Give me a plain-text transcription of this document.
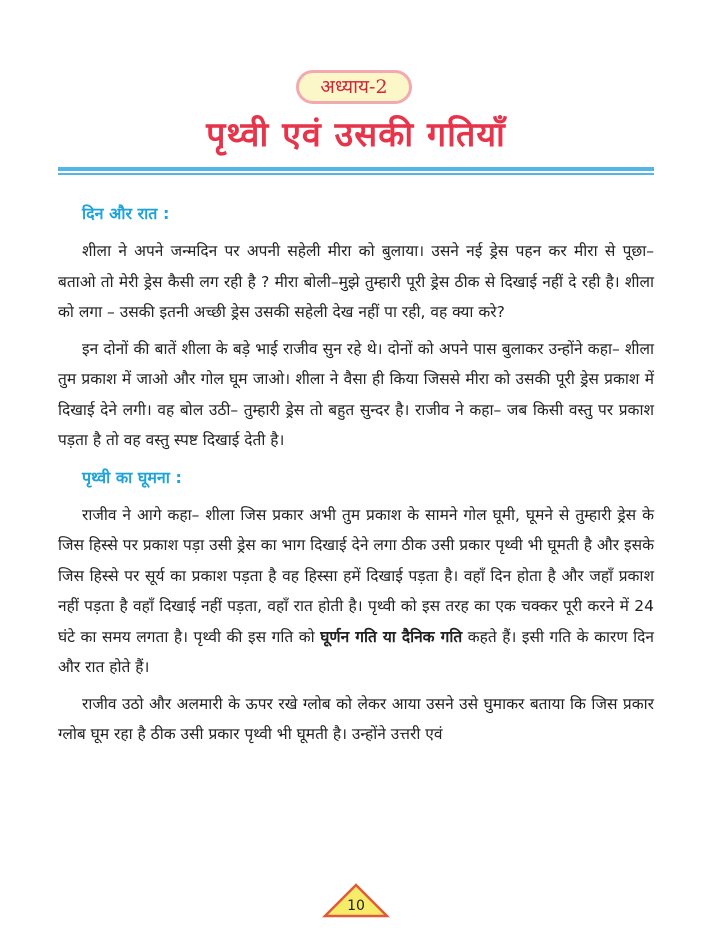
अध्याय-2
पृथ्वी एवं उसकी गतियाँ
दिन और रात :

शीला ने अपने जन्मदिन पर अपनी सहेली मीरा को बुलाया। उसने नई ड्रेस पहन कर मीरा से पूछा– बताओ तो मेरी ड्रेस कैसी लग रही है ? मीरा बोली–मुझे तुम्हारी पूरी ड्रेस ठीक से दिखाई नहीं दे रही है। शीला को लगा – उसकी इतनी अच्छी ड्रेस उसकी सहेली देख नहीं पा रही, वह क्या करे?

इन दोनों की बातें शीला के बड़े भाई राजीव सुन रहे थे। दोनों को अपने पास बुलाकर उन्होंने कहा– शीला तुम प्रकाश में जाओ और गोल घूम जाओ। शीला ने वैसा ही किया जिससे मीरा को उसकी पूरी ड्रेस प्रकाश में दिखाई देने लगी। वह बोल उठी– तुम्हारी ड्रेस तो बहुत सुन्दर है। राजीव ने कहा– जब किसी वस्तु पर प्रकाश पड़ता है तो वह वस्तु स्पष्ट दिखाई देती है।

पृथ्वी का घूमना :

राजीव ने आगे कहा– शीला जिस प्रकार अभी तुम प्रकाश के सामने गोल घूमी, घूमने से तुम्हारी ड्रेस के जिस हिस्से पर प्रकाश पड़ा उसी ड्रेस का भाग दिखाई देने लगा ठीक उसी प्रकार पृथ्वी भी घूमती है और इसके जिस हिस्से पर सूर्य का प्रकाश पड़ता है वह हिस्सा हमें दिखाई पड़ता है। वहाँ दिन होता है और जहाँ प्रकाश नहीं पड़ता है वहाँ दिखाई नहीं पड़ता, वहाँ रात होती है। पृथ्वी को इस तरह का एक चक्कर पूरी करने में 24 घंटे का समय लगता है। पृथ्वी की इस गति को घूर्णन गति या दैनिक गति कहते हैं। इसी गति के कारण दिन और रात होते हैं।

राजीव उठो और अलमारी के ऊपर रखे ग्लोब को लेकर आया उसने उसे घुमाकर बताया कि जिस प्रकार ग्लोब घूम रहा है ठीक उसी प्रकार पृथ्वी भी घूमती है। उन्होंने उत्तरी एवं

10
